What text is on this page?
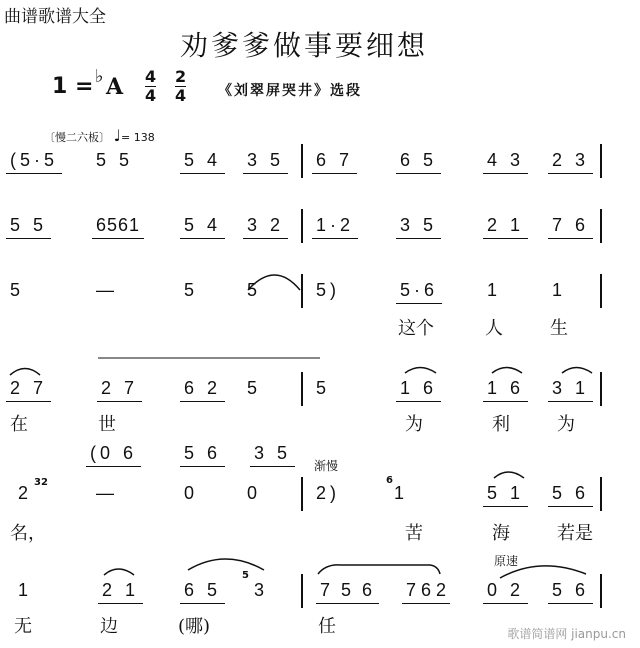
曲谱歌谱大全
劝爹爹做事要细想
1 = ♭ A $\frac{4}{4} \frac{2}{4}$ 《刘翠屏哭井》选段
〔慢二六板〕 ♩= 138
(5·5 5 5	5 4 3 5 6 7	6 5	4 3 2 3
5 5	6561 5 4 3 2 1·2	3 5	2 1 7 6
5	—	5	5	5)	5·6	1	1
这个	人	生
2 7	2 7	6 2 5	5	1 6	1 6 3 1
在	世	为	利	为
(0 6	5 6 3 5
渐慢
2
32
—	0	0	2)
6
1	5 1 5 6
名，	苦	海	若是
原速
1	2 1 6 5
5
3	7 5 6 7 6 2 0 2 5 6
无	边	(哪)	任	歌谱简谱网 jianpu.cn
